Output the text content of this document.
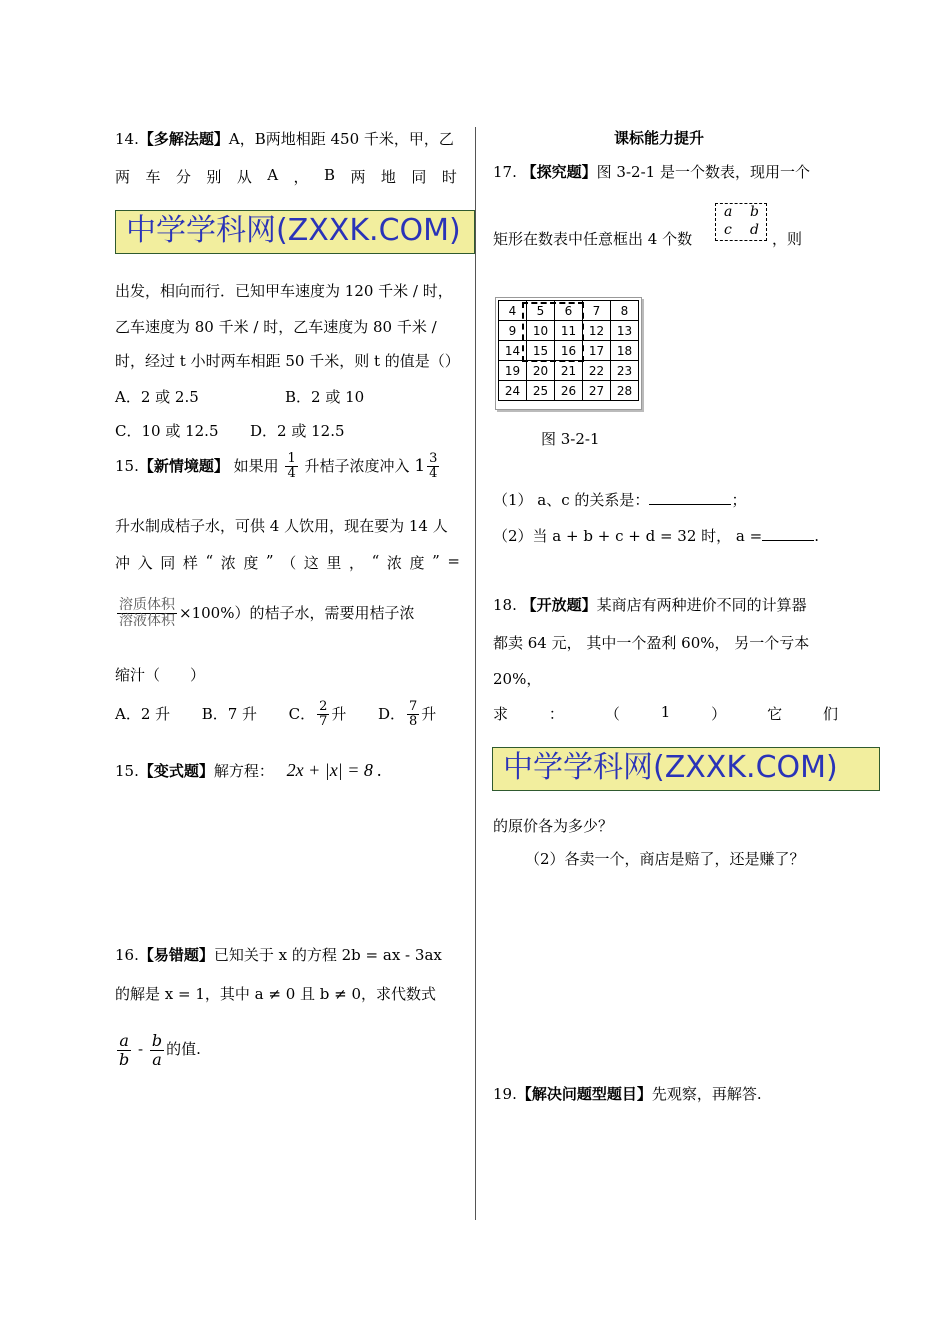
14.【多解法题】A，B两地相距 450 千米，甲，乙
两 车 分 别 从 A ， B 两 地 同 时
中学学科网(ZXXK.COM)
出发，相向而行．已知甲车速度为 120 千米 / 时，
乙车速度为 80 千米 / 时，乙车速度为 80 千米 /
时，经过 t 小时两车相距 50 千米，则 t 的值是（）
A．2 或 2.5	B．2 或 10
C．10 或 12.5 D．2 或 12.5
15.【新情境题】 如果用 $\frac{1}{4}$ 升桔子浓度冲入 $1 \frac{3}{4}$
升水制成桔子水，可供 4 人饮用，现在要为 14 人
冲 入 同 样 “ 浓 度 ” （ 这 里 ， “ 浓 度 ” =
$\frac{\text{溶质体积}}{\text{溶液体积}} \times 100\%$）的桔子水，需要用桔子浓
缩汁（　　）
A．2 升 B．7 升 C． $\frac{2}{7}$ 升 D． $\frac{7}{8}$ 升
15.【变式题】解方程： 2x + |x| = 8 .
16.【易错题】已知关于 x 的方程 2b = ax - 3ax
的解是 x = 1，其中 a ≠ 0 且 b ≠ 0，求代数式
$\frac{a}{b} - \frac{b}{a}$ 的值.
课标能力提升
17. 【探究题】图 3-2-1 是一个数表，现用一个
矩形在数表中任意框出 4 个数
a b
c d ，则
4	5	6	7	8
9	10	11	12	13
14	15	16	17	18
19	20	21	22	23
24	25	26	27	28
图 3-2-1
（1） a、c 的关系是：	；
（2）当 a + b + c + d = 32 时， a =	.
18. 【开放题】某商店有两种进价不同的计算器
都卖 64 元， 其中一个盈利 60%， 另一个亏本
20%，
求	：	（	1	）	它	们
中学学科网(ZXXK.COM)
的原价各为多少？
（2）各卖一个，商店是赔了，还是赚了？
19.【解决问题型题目】先观察，再解答.
